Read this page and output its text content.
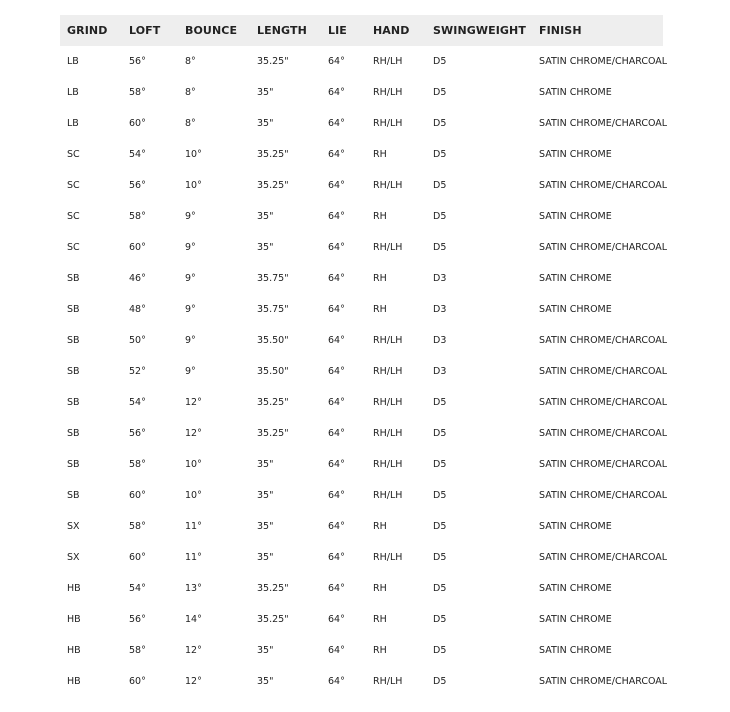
GRIND	LOFT	BOUNCE	LENGTH	LIE	HAND	SWINGWEIGHT	FINISH
LB	56°	8°	35.25"	64°	RH/LH	D5	SATIN CHROME/CHARCOAL
LB	58°	8°	35"	64°	RH/LH	D5	SATIN CHROME
LB	60°	8°	35"	64°	RH/LH	D5	SATIN CHROME/CHARCOAL
SC	54°	10°	35.25"	64°	RH	D5	SATIN CHROME
SC	56°	10°	35.25"	64°	RH/LH	D5	SATIN CHROME/CHARCOAL
SC	58°	9°	35"	64°	RH	D5	SATIN CHROME
SC	60°	9°	35"	64°	RH/LH	D5	SATIN CHROME/CHARCOAL
SB	46°	9°	35.75"	64°	RH	D3	SATIN CHROME
SB	48°	9°	35.75"	64°	RH	D3	SATIN CHROME
SB	50°	9°	35.50"	64°	RH/LH	D3	SATIN CHROME/CHARCOAL
SB	52°	9°	35.50"	64°	RH/LH	D3	SATIN CHROME/CHARCOAL
SB	54°	12°	35.25"	64°	RH/LH	D5	SATIN CHROME/CHARCOAL
SB	56°	12°	35.25"	64°	RH/LH	D5	SATIN CHROME/CHARCOAL
SB	58°	10°	35"	64°	RH/LH	D5	SATIN CHROME/CHARCOAL
SB	60°	10°	35"	64°	RH/LH	D5	SATIN CHROME/CHARCOAL
SX	58°	11°	35"	64°	RH	D5	SATIN CHROME
SX	60°	11°	35"	64°	RH/LH	D5	SATIN CHROME/CHARCOAL
HB	54°	13°	35.25"	64°	RH	D5	SATIN CHROME
HB	56°	14°	35.25"	64°	RH	D5	SATIN CHROME
HB	58°	12°	35"	64°	RH	D5	SATIN CHROME
HB	60°	12°	35"	64°	RH/LH	D5	SATIN CHROME/CHARCOAL
